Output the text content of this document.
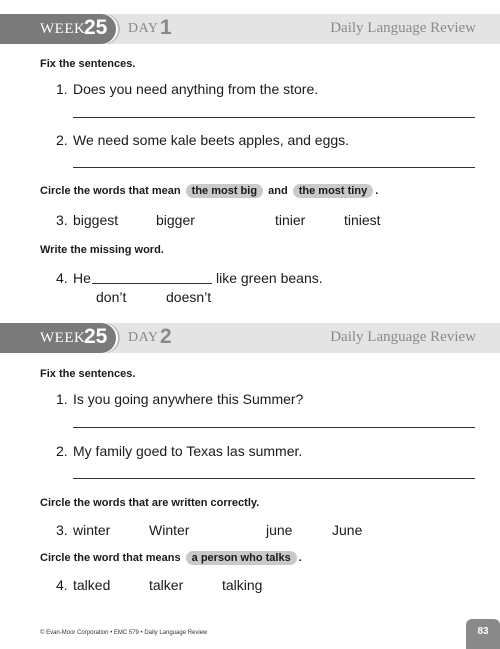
WEEK
25 DAY 1	Daily Language Review
Fix the sentences.
1. Does you need anything from the store.
2. We need some kale beets apples, and eggs.
Circle the words that mean the most big and the most tiny .
3. biggest	bigger	tinier	tiniest
Write the missing word.
4. He	like green beans.
don’t	doesn’t
WEEK
25 DAY 2	Daily Language Review
Fix the sentences.
1. Is you going anywhere this Summer?
2. My family goed to Texas las summer.
Circle the words that are written correctly.
3. winter	Winter	june	June
Circle the word that means a person who talks .
4. talked	talker	talking
© Evan-Moor Corporation • EMC 579 • Daily Language Review	83
